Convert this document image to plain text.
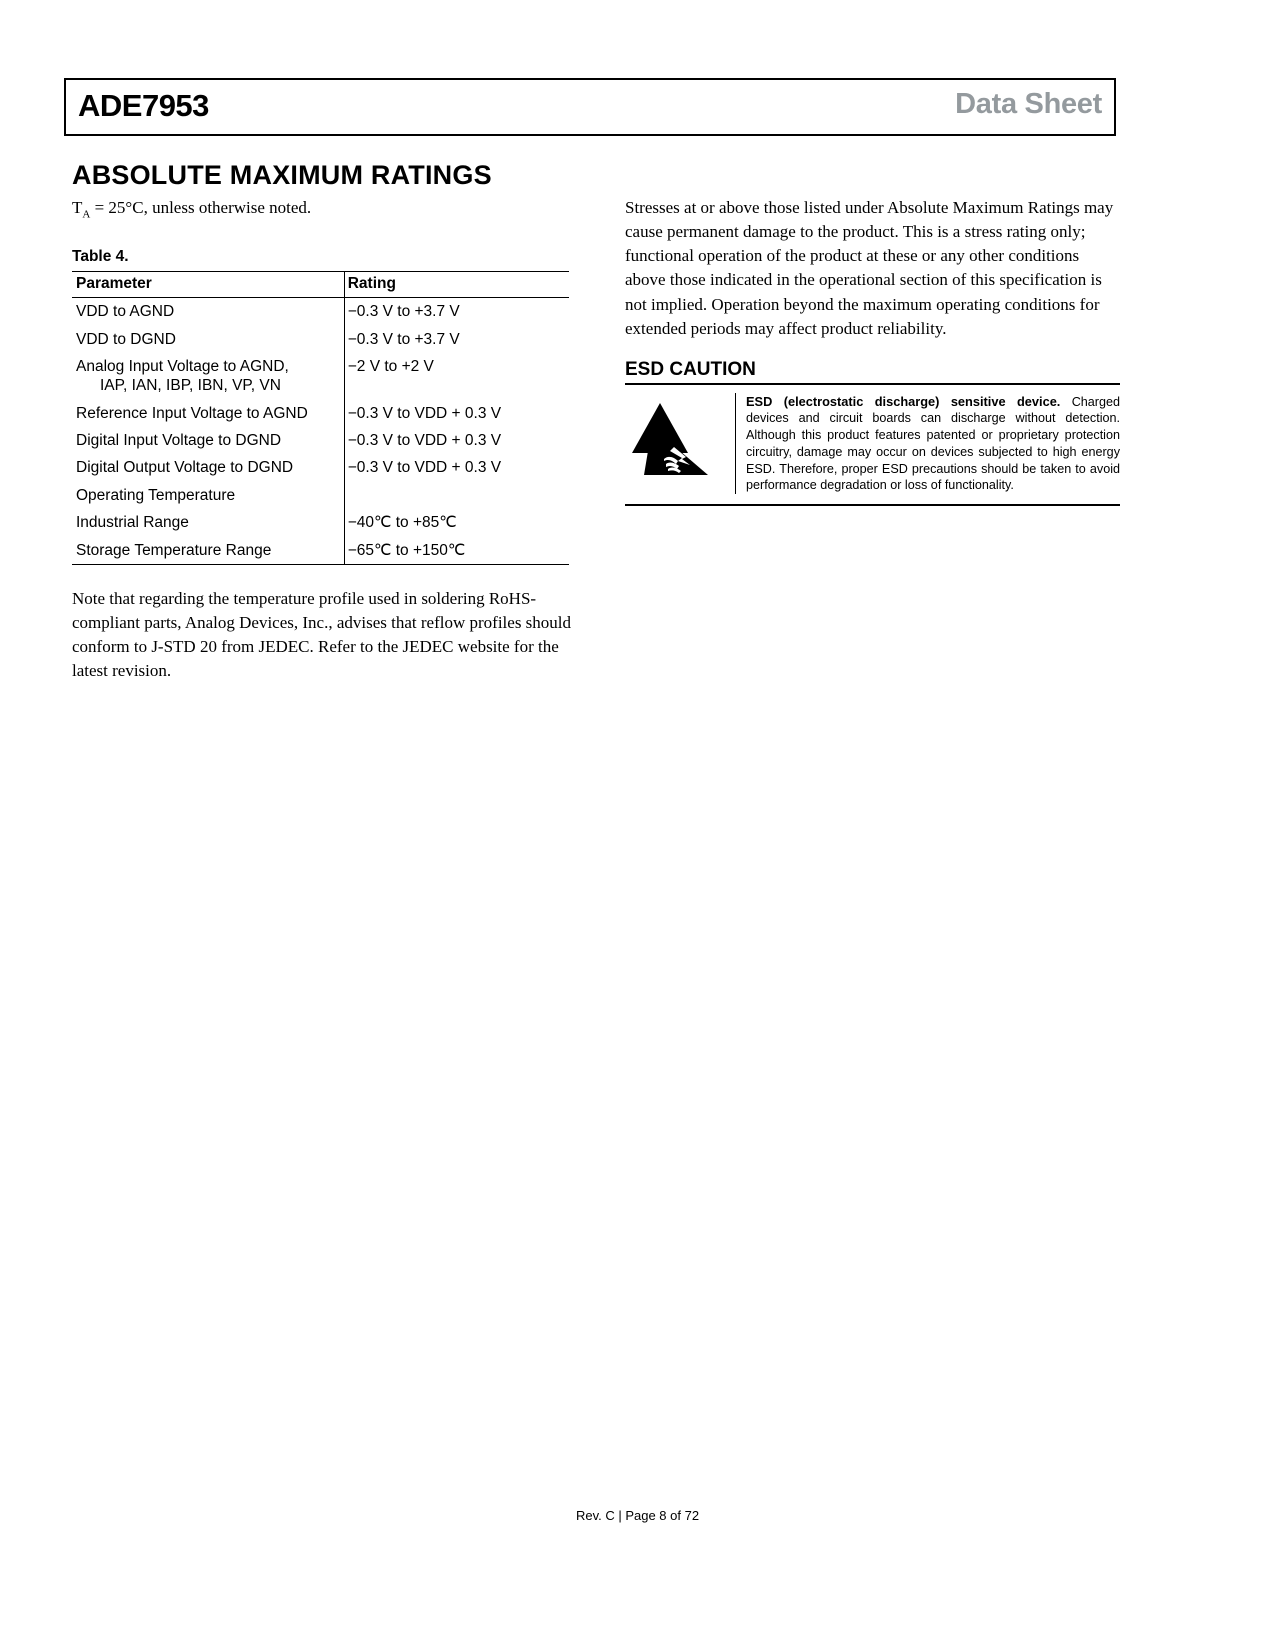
ADE7953	Data Sheet
ABSOLUTE MAXIMUM RATINGS

$T_A = 25^\circ C$, unless otherwise noted.

Table 4.
Parameter	Rating
VDD to AGND	−0.3 V to +3.7 V
VDD to DGND	−0.3 V to +3.7 V
Analog Input Voltage to AGND,
IAP, IAN, IBP, IBN, VP, VN	−2 V to +2 V
Reference Input Voltage to AGND	−0.3 V to VDD + 0.3 V
Digital Input Voltage to DGND	−0.3 V to VDD + 0.3 V
Digital Output Voltage to DGND	−0.3 V to VDD + 0.3 V
Operating Temperature	
Industrial Range	−40℃ to +85℃
Storage Temperature Range	−65℃ to +150℃

Note that regarding the temperature profile used in soldering RoHS-compliant parts, Analog Devices, Inc., advises that reflow profiles should conform to J-STD 20 from JEDEC. Refer to the JEDEC website for the latest revision.

Stresses at or above those listed under Absolute Maximum Ratings may cause permanent damage to the product. This is a stress rating only; functional operation of the product at these or any other conditions above those indicated in the operational section of this specification is not implied. Operation beyond the maximum operating conditions for extended periods may affect product reliability.

ESD CAUTION
ESD (electrostatic discharge) sensitive device. Charged devices and circuit boards can discharge without detection. Although this product features patented or proprietary protection circuitry, damage may occur on devices subjected to high energy ESD. Therefore, proper ESD precautions should be taken to avoid performance degradation or loss of functionality.
Rev. C | Page 8 of 72
